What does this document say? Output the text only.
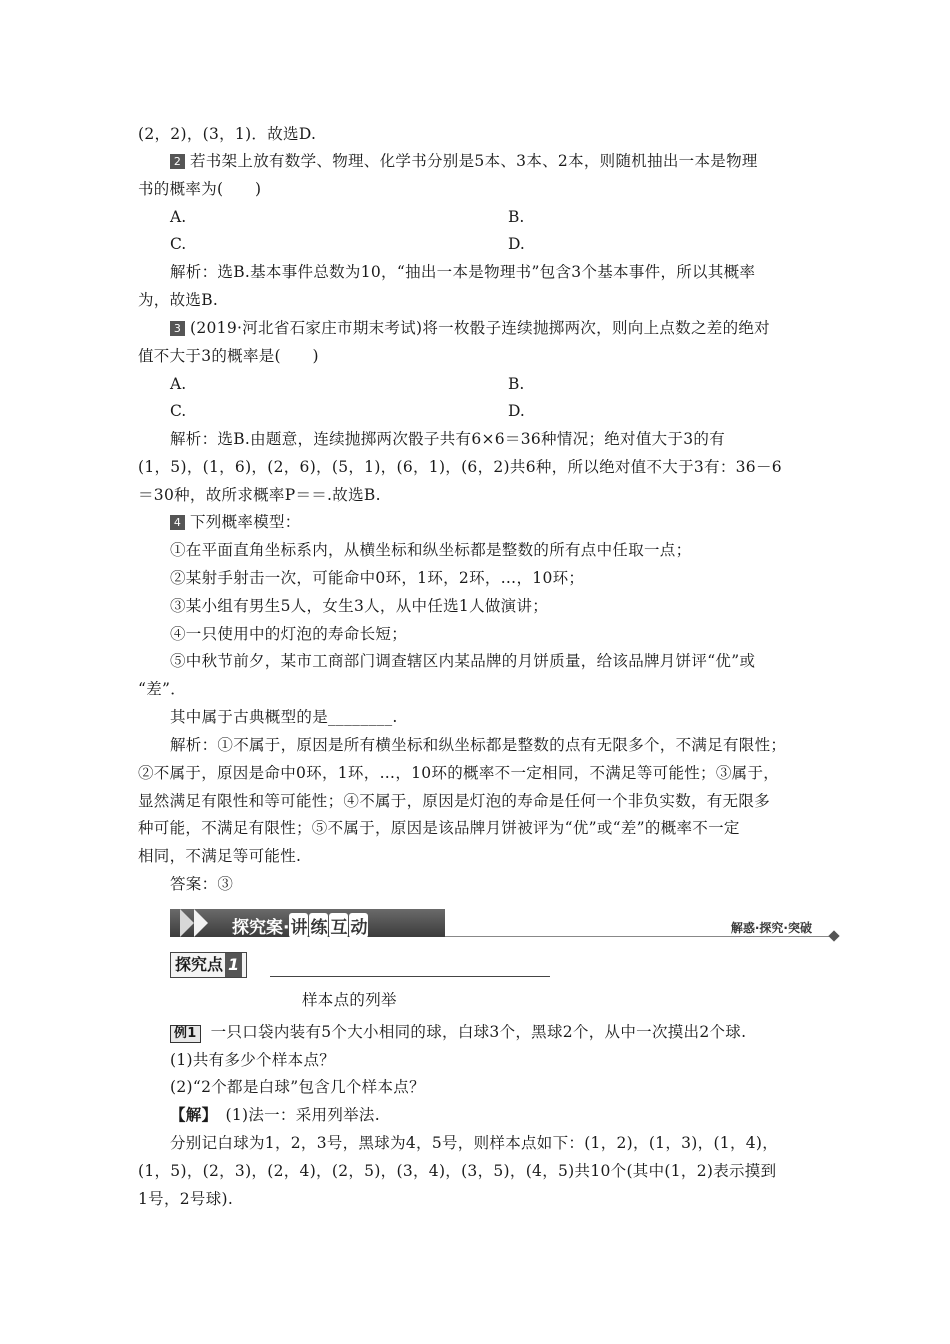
(2，2)，(3，1)．故选D.
2 若书架上放有数学、物理、化学书分别是5本、3本、2本，则随机抽出一本是物理
书的概率为(　　)
A.	B.
C.	D.
解析：选B.基本事件总数为10，“抽出一本是物理书”包含3个基本事件，所以其概率
为，故选B.
3 (2019·河北省石家庄市期末考试)将一枚骰子连续抛掷两次，则向上点数之差的绝对
值不大于3的概率是(　　)
A.	B.
C.	D.
解析：选B.由题意，连续抛掷两次骰子共有6×6＝36种情况；绝对值大于3的有
(1，5)，(1，6)，(2，6)，(5，1)，(6，1)，(6，2)共6种，所以绝对值不大于3有：36－6
＝30种，故所求概率P＝＝.故选B.
4 下列概率模型：
①在平面直角坐标系内，从横坐标和纵坐标都是整数的所有点中任取一点；
②某射手射击一次，可能命中0环，1环，2环，…，10环；
③某小组有男生5人，女生3人，从中任选1人做演讲；
④一只使用中的灯泡的寿命长短；
⑤中秋节前夕，某市工商部门调查辖区内某品牌的月饼质量，给该品牌月饼评“优”或
“差”．
其中属于古典概型的是________.
解析：①不属于，原因是所有横坐标和纵坐标都是整数的点有无限多个，不满足有限性；
②不属于，原因是命中0环，1环，…，10环的概率不一定相同，不满足等可能性；③属于，
显然满足有限性和等可能性；④不属于，原因是灯泡的寿命是任何一个非负实数，有无限多
种可能，不满足有限性；⑤不属于，原因是该品牌月饼被评为“优”或“差”的概率不一定
相同，不满足等可能性.
答案：③
探究案·讲 练 互 动	解惑·探究·突破
探究点 1
样本点的列举
例1 一只口袋内装有5个大小相同的球，白球3个，黑球2个，从中一次摸出2个球.
(1)共有多少个样本点？
(2)“2个都是白球”包含几个样本点？
【解】　 (1)法一：采用列举法.
分别记白球为1，2，3号，黑球为4，5号，则样本点如下：(1，2)，(1，3)，(1，4)，
(1，5)，(2，3)，(2，4)，(2，5)，(3，4)，(3，5)，(4，5)共10个(其中(1，2)表示摸到
1号，2号球).
